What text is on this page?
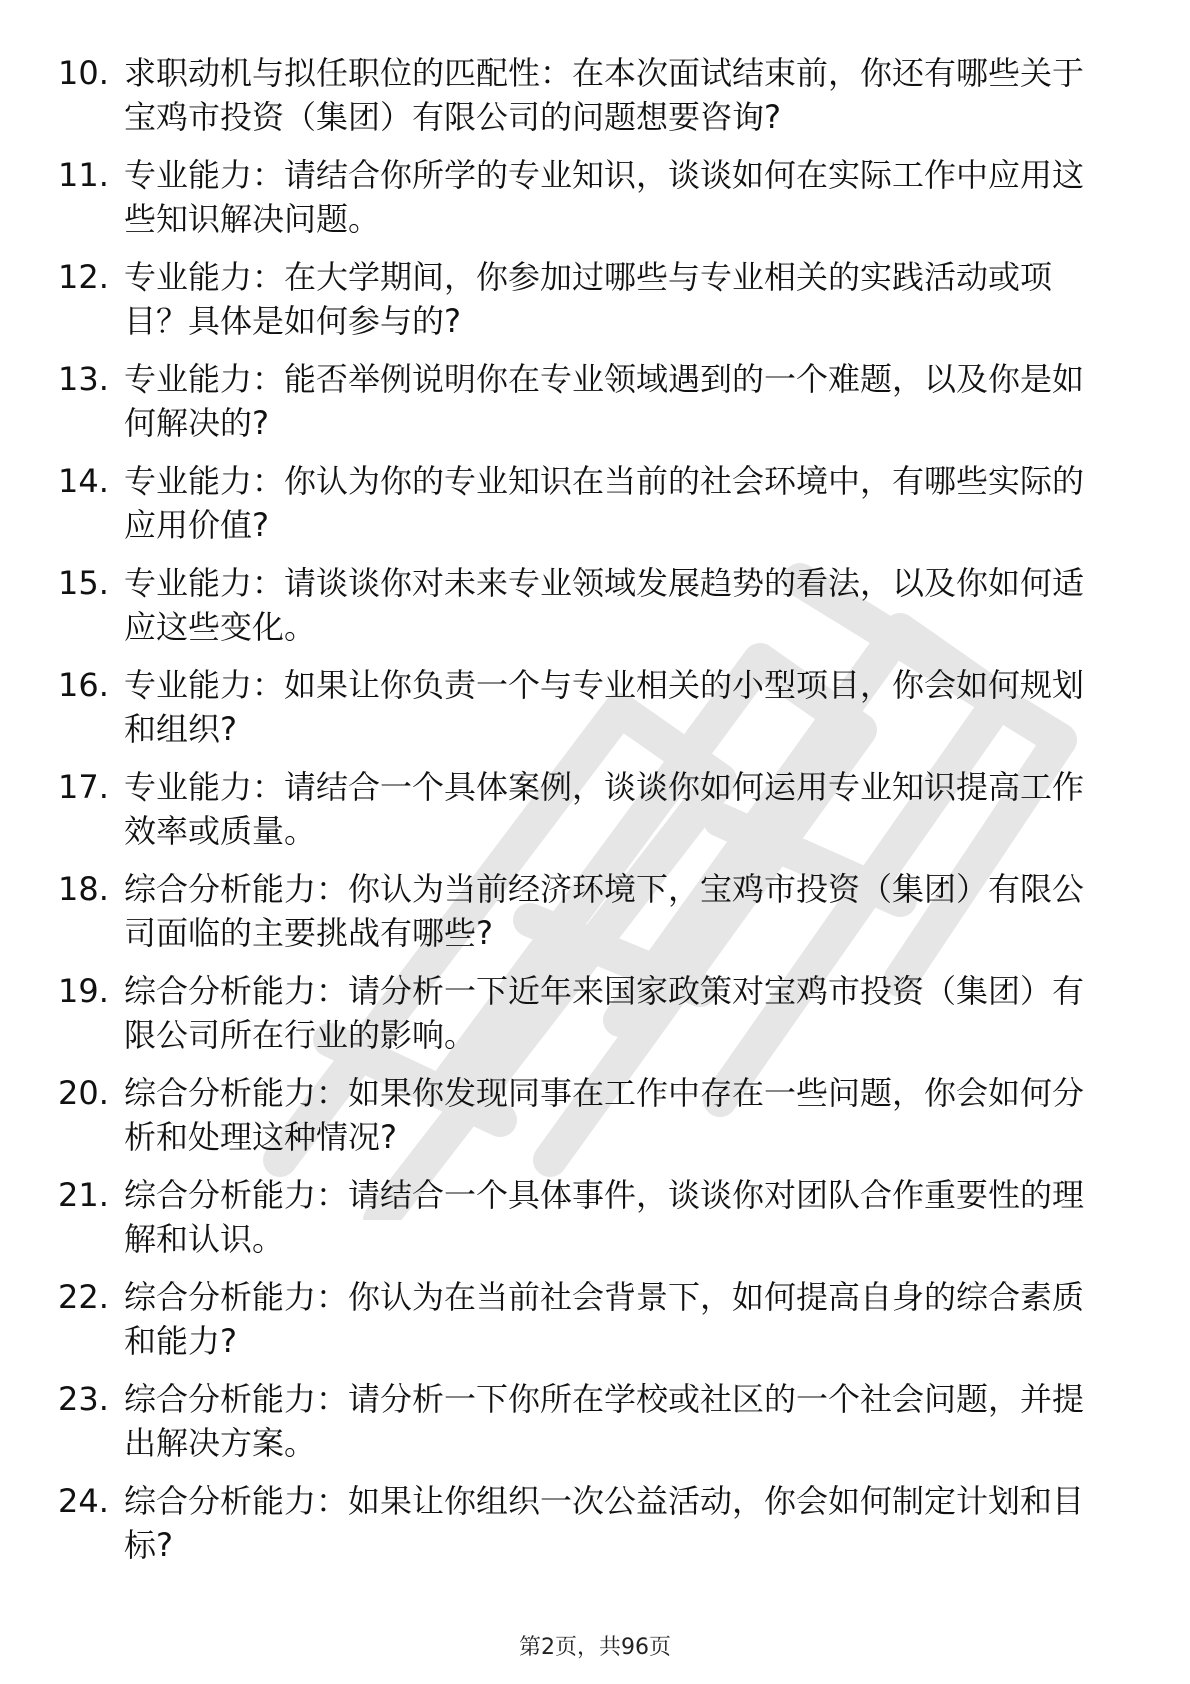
10. 求职动机与拟任职位的匹配性：在本次面试结束前，你还有哪些关于宝鸡市投资（集团）有限公司的问题想要咨询?
11. 专业能力：请结合你所学的专业知识，谈谈如何在实际工作中应用这些知识解决问题。
12. 专业能力：在大学期间，你参加过哪些与专业相关的实践活动或项目？具体是如何参与的?
13. 专业能力：能否举例说明你在专业领域遇到的一个难题，以及你是如何解决的?
14. 专业能力：你认为你的专业知识在当前的社会环境中，有哪些实际的应用价值?
15. 专业能力：请谈谈你对未来专业领域发展趋势的看法，以及你如何适应这些变化。
16. 专业能力：如果让你负责一个与专业相关的小型项目，你会如何规划和组织?
17. 专业能力：请结合一个具体案例，谈谈你如何运用专业知识提高工作效率或质量。
18. 综合分析能力：你认为当前经济环境下，宝鸡市投资（集团）有限公司面临的主要挑战有哪些?
19. 综合分析能力：请分析一下近年来国家政策对宝鸡市投资（集团）有限公司所在行业的影响。
20. 综合分析能力：如果你发现同事在工作中存在一些问题，你会如何分析和处理这种情况?
21. 综合分析能力：请结合一个具体事件，谈谈你对团队合作重要性的理解和认识。
22. 综合分析能力：你认为在当前社会背景下，如何提高自身的综合素质和能力?
23. 综合分析能力：请分析一下你所在学校或社区的一个社会问题，并提出解决方案。
24. 综合分析能力：如果让你组织一次公益活动，你会如何制定计划和目标?
第2页，共96页
